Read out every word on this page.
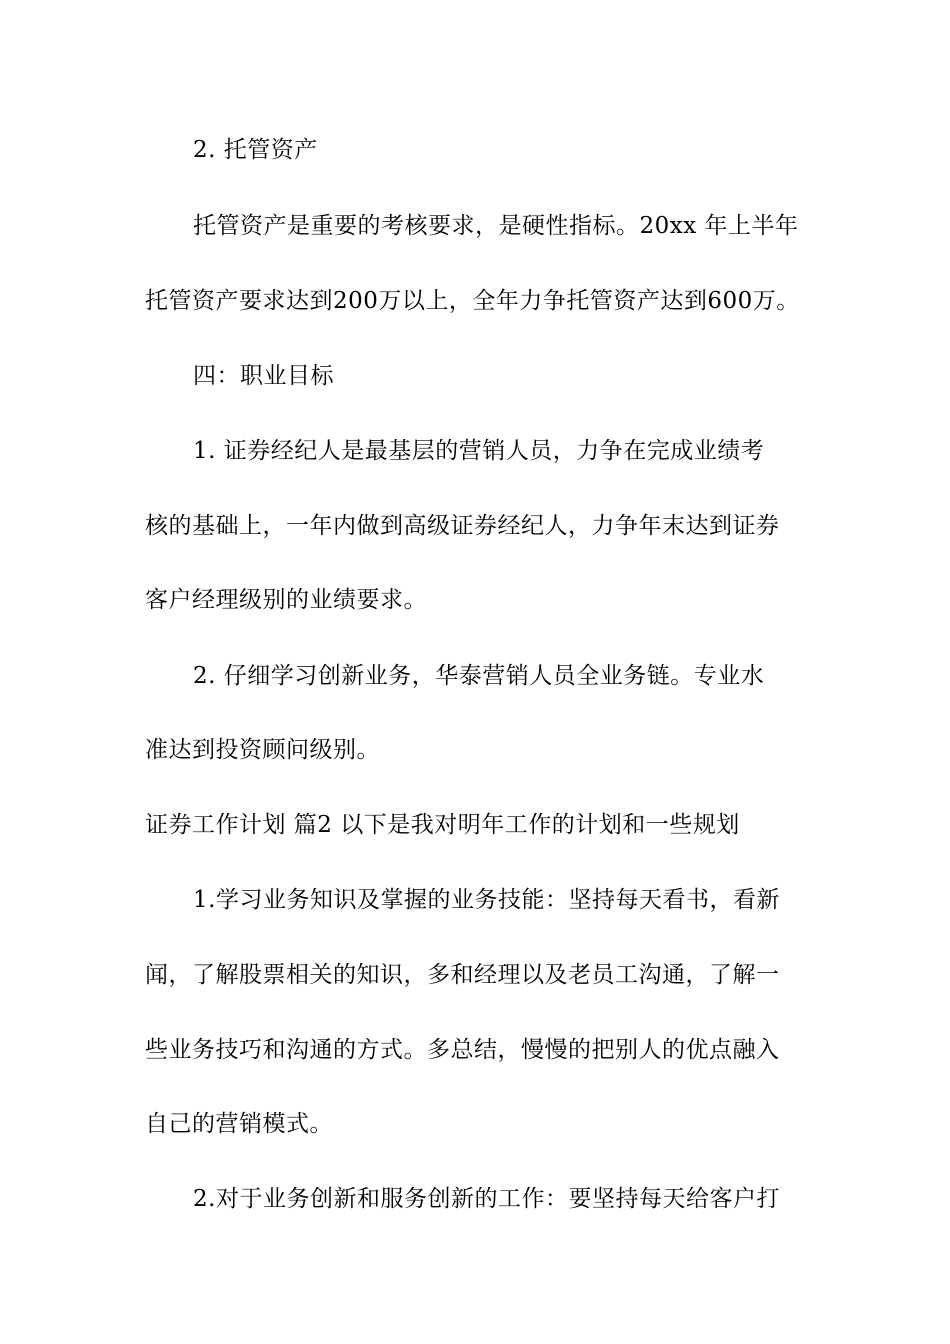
2. 托管资产
托管资产是重要的考核要求，是硬性指标。20xx 年上半年
托管资产要求达到200万以上，全年力争托管资产达到600万。
四：职业目标
1. 证券经纪人是最基层的营销人员，力争在完成业绩考
核的基础上，一年内做到高级证券经纪人，力争年末达到证券
客户经理级别的业绩要求。
2. 仔细学习创新业务，华泰营销人员全业务链。专业水
准达到投资顾问级别。
证券工作计划 篇2 以下是我对明年工作的计划和一些规划
1.学习业务知识及掌握的业务技能：坚持每天看书，看新
闻，了解股票相关的知识，多和经理以及老员工沟通，了解一
些业务技巧和沟通的方式。多总结，慢慢的把别人的优点融入
自己的营销模式。
2.对于业务创新和服务创新的工作：要坚持每天给客户打
